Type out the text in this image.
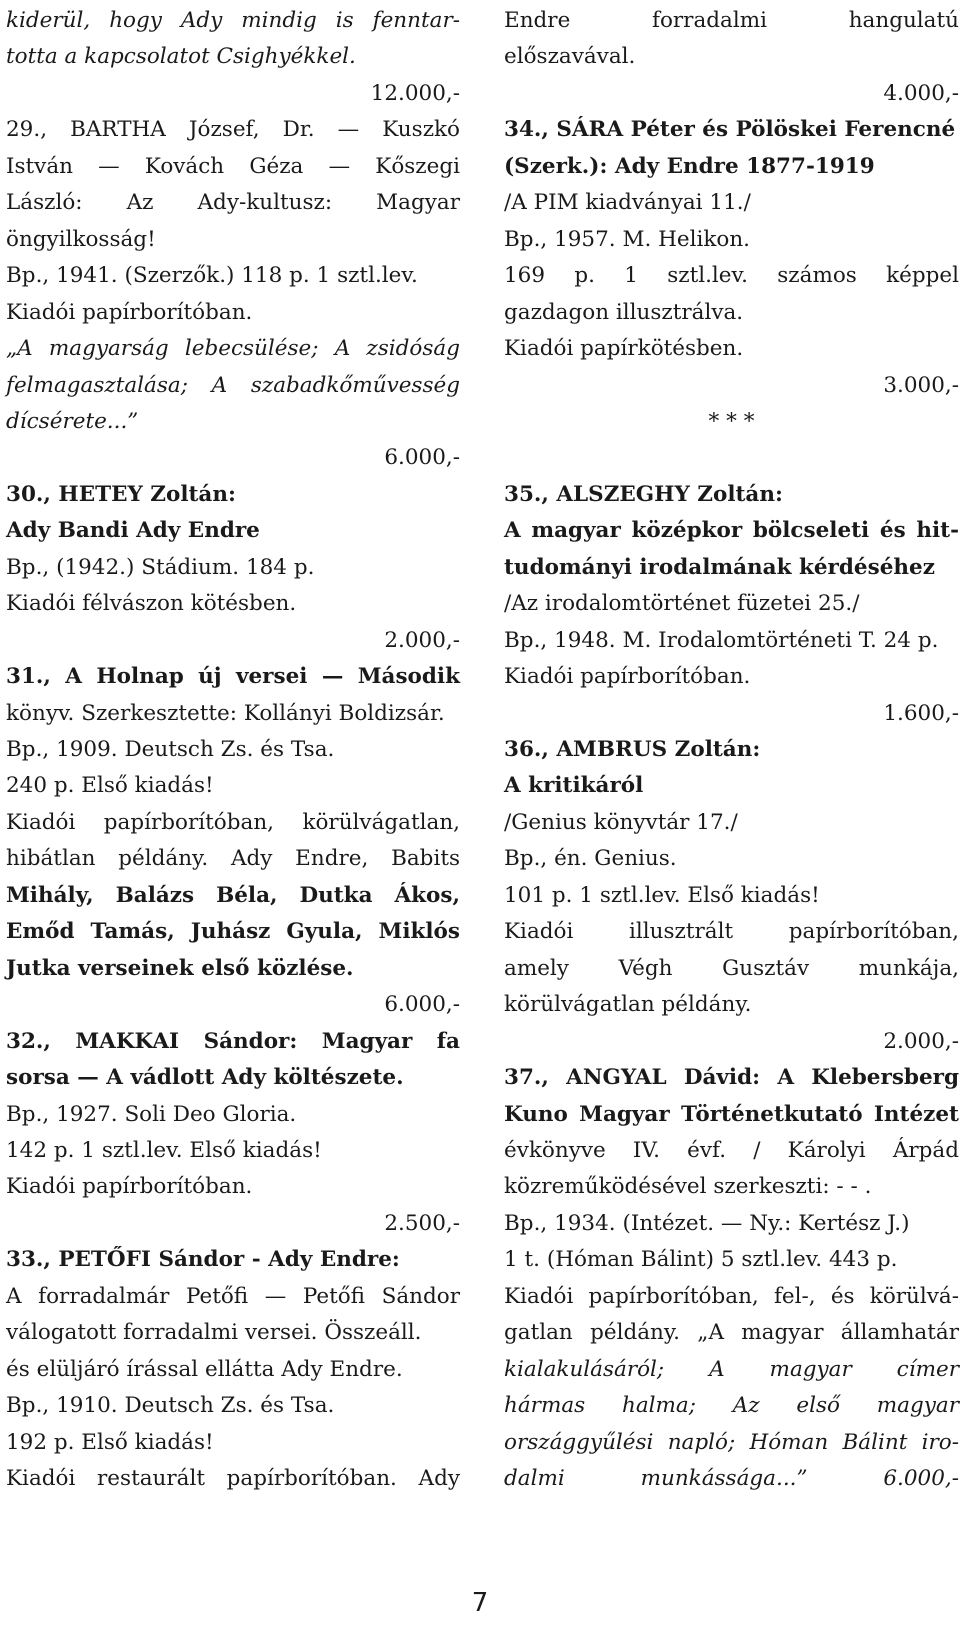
kiderül, hogy Ady mindig is fenntar-
totta a kapcsolatot Csighyékkel.
12.000,-
29., BARTHA József, Dr. — Kuszkó
István — Kovách Géza — Kőszegi
László: Az Ady-kultusz: Magyar
öngyilkosság!
Bp., 1941. (Szerzők.) 118 p. 1 sztl.lev.
Kiadói papírborítóban.
„A magyarság lebecsülése; A zsidóság
felmagasztalása; A szabadkőművesség
dícsérete...”
6.000,-
30., HETEY Zoltán:
Ady Bandi Ady Endre
Bp., (1942.) Stádium. 184 p.
Kiadói félvászon kötésben.
2.000,-
31., A Holnap új versei — Második
könyv. Szerkesztette: Kollányi Boldizsár.
Bp., 1909. Deutsch Zs. és Tsa.
240 p. Első kiadás!
Kiadói papírborítóban, körülvágatlan,
hibátlan példány. Ady Endre, Babits
Mihály, Balázs Béla, Dutka Ákos,
Emőd Tamás, Juhász Gyula, Miklós
Jutka verseinek első közlése.
6.000,-
32., MAKKAI Sándor: Magyar fa
sorsa — A vádlott Ady költészete.
Bp., 1927. Soli Deo Gloria.
142 p. 1 sztl.lev. Első kiadás!
Kiadói papírborítóban.
2.500,-
33., PETŐFI Sándor - Ady Endre:
A forradalmár Petőfi — Petőfi Sándor
válogatott forradalmi versei. Összeáll.
és elüljáró írással ellátta Ady Endre.
Bp., 1910. Deutsch Zs. és Tsa.
192 p. Első kiadás!
Kiadói restaurált papírborítóban. Ady
Endre forradalmi hangulatú
előszavával.
4.000,-
34., SÁRA Péter és Pölöskei Ferencné
(Szerk.): Ady Endre 1877-1919
/A PIM kiadványai 11./
Bp., 1957. M. Helikon.
169 p. 1 sztl.lev. számos képpel
gazdagon illusztrálva.
Kiadói papírkötésben.
3.000,-
* * *
35., ALSZEGHY Zoltán:
A magyar középkor bölcseleti és hit-
tudományi irodalmának kérdéséhez
/Az irodalomtörténet füzetei 25./
Bp., 1948. M. Irodalomtörténeti T. 24 p.
Kiadói papírborítóban.
1.600,-
36., AMBRUS Zoltán:
A kritikáról
/Genius könyvtár 17./
Bp., én. Genius.
101 p. 1 sztl.lev. Első kiadás!
Kiadói illusztrált papírborítóban,
amely Végh Gusztáv munkája,
körülvágatlan példány.
2.000,-
37., ANGYAL Dávid: A Klebersberg
Kuno Magyar Történetkutató Intézet
évkönyve IV. évf. / Károlyi Árpád
közreműködésével szerkeszti: - - .
Bp., 1934. (Intézet. — Ny.: Kertész J.)
1 t. (Hóman Bálint) 5 sztl.lev. 443 p.
Kiadói papírborítóban, fel-, és körülvá-
gatlan példány. „A magyar államhatár
kialakulásáról; A magyar címer
hármas halma; Az első magyar
országgyűlési napló; Hóman Bálint iro-
dalmi munkássága...” 6.000,-
7
